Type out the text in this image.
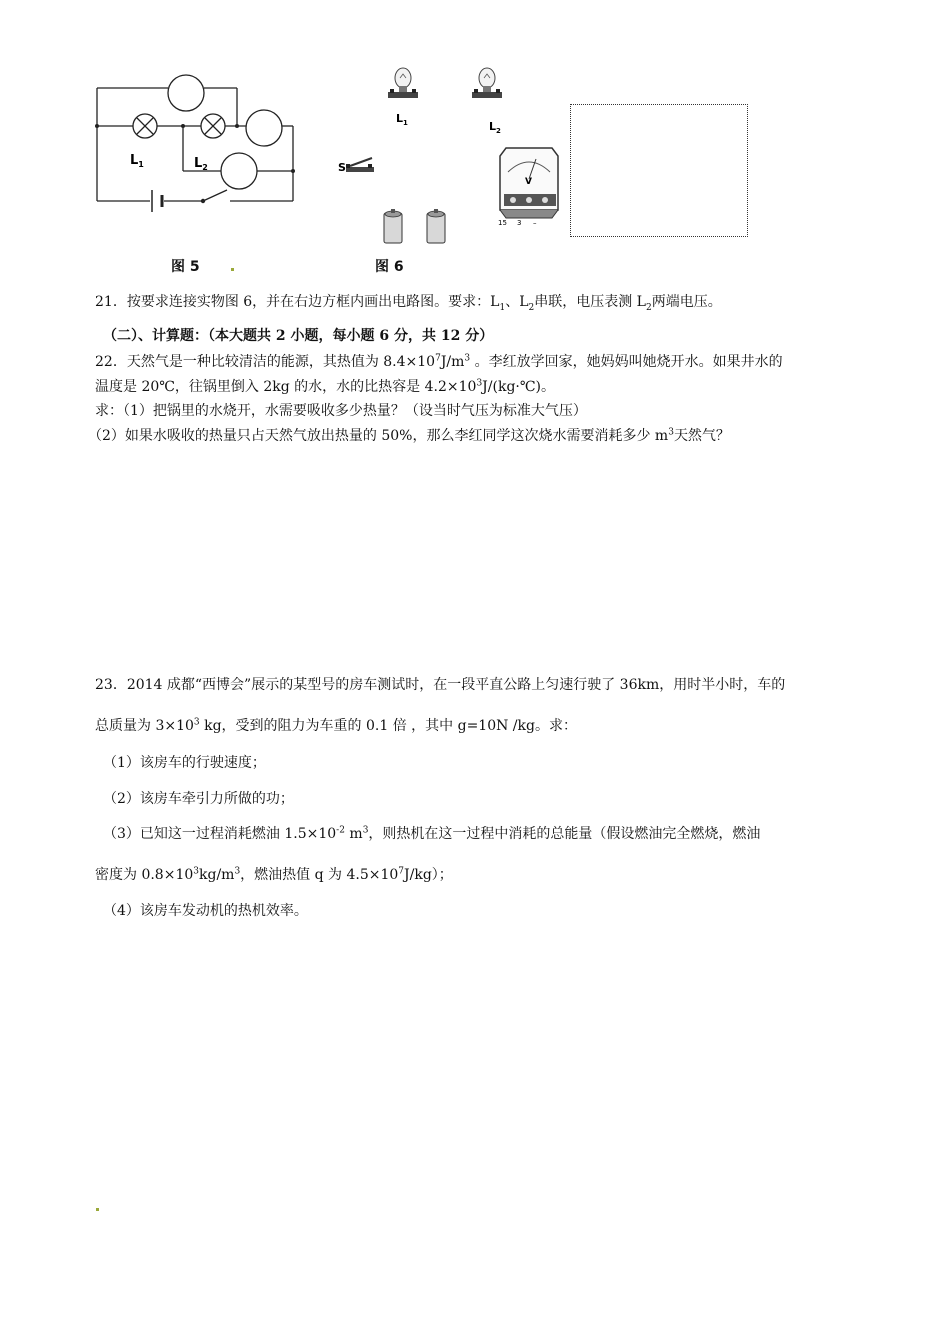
$L_1$	$L_2$
图 5
$L_1$	$L_2$
S
V
15 3 –
图 6
21．按要求连接实物图 6，并在右边方框内画出电路图。要求：$L_1$、$L_2$串联，电压表测 $L_2$两端电压。
（二）、计算题：（本大题共 2 小题，每小题 6 分，共 12 分）
22．天然气是一种比较清洁的能源，其热值为 $8.4\times 10^7J/m^3$ 。李红放学回家，她妈妈叫她烧开水。如果井水的
温度是 20℃，往锅里倒入 2kg 的水，水的比热容是 $4.2\times 10^3J/(kg\cdot℃)$。
求：（1）把锅里的水烧开，水需要吸收多少热量？（设当时气压为标准大气压）
（2）如果水吸收的热量只占天然气放出热量的 50%，那么李红同学这次烧水需要消耗多少 $m^3$天然气？
23．2014 成都“西博会”展示的某型号的房车测试时，在一段平直公路上匀速行驶了 36km，用时半小时，车的
总质量为 $3\times 10^3$ kg，受到的阻力为车重的 0.1 倍 ，其中 g=10N /kg。求：
（1）该房车的行驶速度；
（2）该房车牵引力所做的功；
（3）已知这一过程消耗燃油 $1.5\times 10^{-2}$ $m^3$，则热机在这一过程中消耗的总能量（假设燃油完全燃烧，燃油
密度为 $0.8\times 10^3kg/m^3$，燃油热值 q 为 $4.5\times 10^7J/kg$）；
（4）该房车发动机的热机效率。
